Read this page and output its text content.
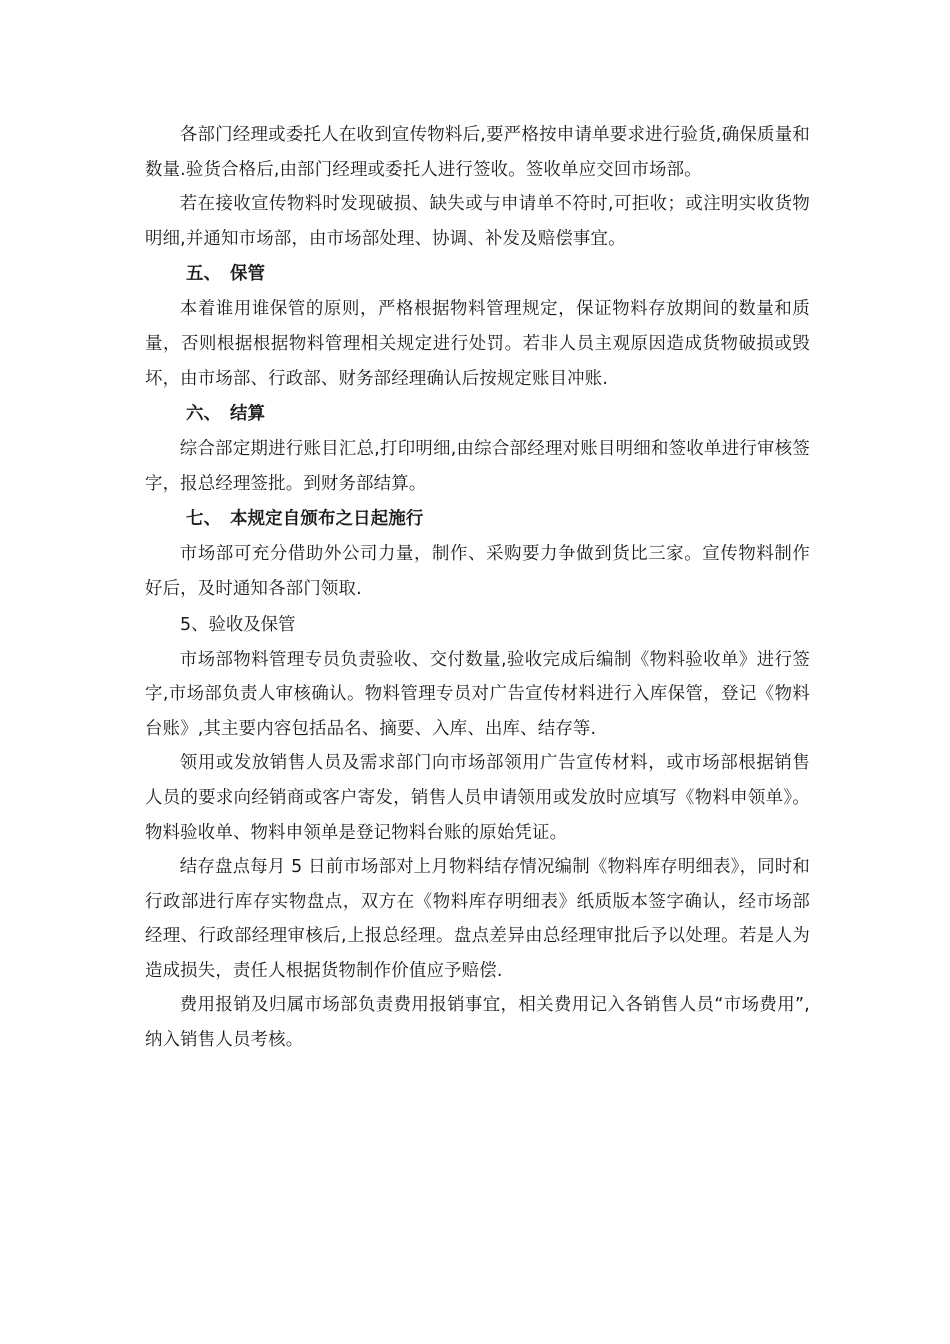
各部门经理或委托人在收到宣传物料后,要严格按申请单要求进行验货,确保质量和数量.验货合格后,由部门经理或委托人进行签收。签收单应交回市场部。

若在接收宣传物料时发现破损、缺失或与申请单不符时,可拒收；或注明实收货物明细,并通知市场部，由市场部处理、协调、补发及赔偿事宜。

五、 保管

本着谁用谁保管的原则，严格根据物料管理规定，保证物料存放期间的数量和质量，否则根据根据物料管理相关规定进行处罚。若非人员主观原因造成货物破损或毁坏，由市场部、行政部、财务部经理确认后按规定账目冲账.

六、 结算

综合部定期进行账目汇总,打印明细,由综合部经理对账目明细和签收单进行审核签字，报总经理签批。到财务部结算。

七、 本规定自颁布之日起施行

市场部可充分借助外公司力量，制作、采购要力争做到货比三家。宣传物料制作好后，及时通知各部门领取.

5、验收及保管

市场部物料管理专员负责验收、交付数量,验收完成后编制《物料验收单》进行签字,市场部负责人审核确认。物料管理专员对广告宣传材料进行入库保管，登记《物料台账》,其主要内容包括品名、摘要、入库、出库、结存等.

领用或发放销售人员及需求部门向市场部领用广告宣传材料，或市场部根据销售人员的要求向经销商或客户寄发，销售人员申请领用或发放时应填写《物料申领单》。物料验收单、物料申领单是登记物料台账的原始凭证。

结存盘点每月 5 日前市场部对上月物料结存情况编制《物料库存明细表》，同时和行政部进行库存实物盘点，双方在《物料库存明细表》纸质版本签字确认，经市场部经理、行政部经理审核后,上报总经理。盘点差异由总经理审批后予以处理。若是人为造成损失，责任人根据货物制作价值应予赔偿.

费用报销及归属市场部负责费用报销事宜，相关费用记入各销售人员“市场费用”,纳入销售人员考核。
